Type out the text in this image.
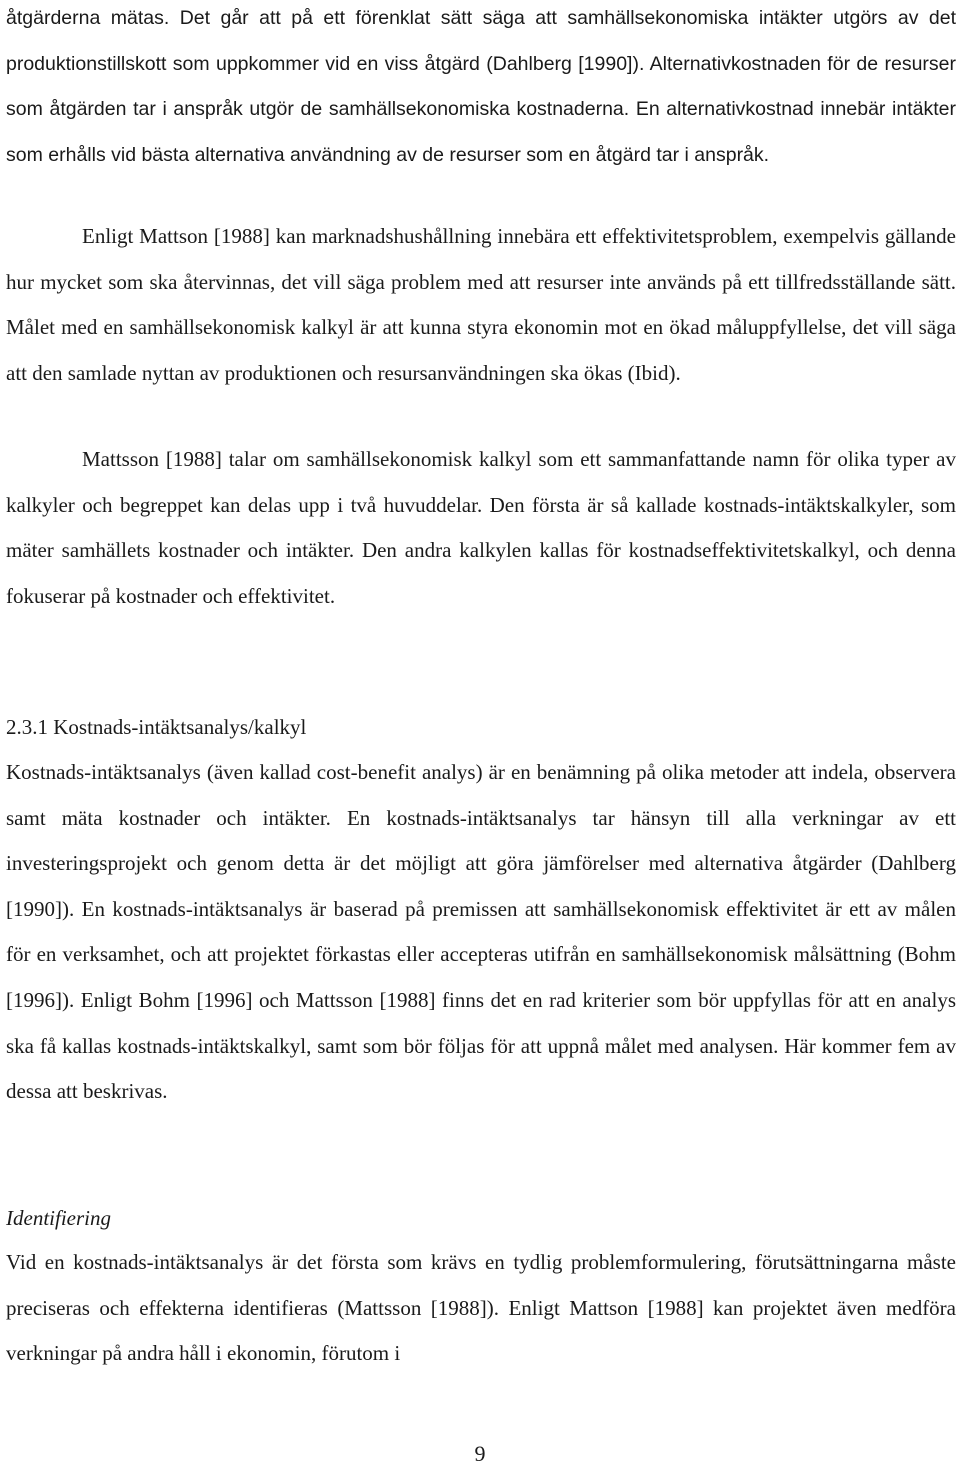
åtgärderna mätas. Det går att på ett förenklat sätt säga att samhällsekonomiska intäkter utgörs av det produktionstillskott som uppkommer vid en viss åtgärd (Dahlberg [1990]). Alternativkostnaden för de resurser som åtgärden tar i anspråk utgör de samhällsekonomiska kostnaderna. En alternativkostnad innebär intäkter som erhålls vid bästa alternativa användning av de resurser som en åtgärd tar i anspråk.

Enligt Mattson [1988] kan marknadshushållning innebära ett effektivitetsproblem, exempelvis gällande hur mycket som ska återvinnas, det vill säga problem med att resurser inte används på ett tillfredsställande sätt. Målet med en samhällsekonomisk kalkyl är att kunna styra ekonomin mot en ökad måluppfyllelse, det vill säga att den samlade nyttan av produktionen och resursanvändningen ska ökas (Ibid).

Mattsson [1988] talar om samhällsekonomisk kalkyl som ett sammanfattande namn för olika typer av kalkyler och begreppet kan delas upp i två huvuddelar. Den första är så kallade kostnads-intäktskalkyler, som mäter samhällets kostnader och intäkter. Den andra kalkylen kallas för kostnadseffektivitetskalkyl, och denna fokuserar på kostnader och effektivitet.

2.3.1 Kostnads-intäktsanalys/kalkyl

Kostnads-intäktsanalys (även kallad cost-benefit analys) är en benämning på olika metoder att indela, observera samt mäta kostnader och intäkter. En kostnads-intäktsanalys tar hänsyn till alla verkningar av ett investeringsprojekt och genom detta är det möjligt att göra jämförelser med alternativa åtgärder (Dahlberg [1990]). En kostnads-intäktsanalys är baserad på premissen att samhällsekonomisk effektivitet är ett av målen för en verksamhet, och att projektet förkastas eller accepteras utifrån en samhällsekonomisk målsättning (Bohm [1996]). Enligt Bohm [1996] och Mattsson [1988] finns det en rad kriterier som bör uppfyllas för att en analys ska få kallas kostnads-intäktskalkyl, samt som bör följas för att uppnå målet med analysen. Här kommer fem av dessa att beskrivas.

Identifiering

Vid en kostnads-intäktsanalys är det första som krävs en tydlig problemformulering, förutsättningarna måste preciseras och effekterna identifieras (Mattsson [1988]). Enligt Mattson [1988] kan projektet även medföra verkningar på andra håll i ekonomin, förutom i

9
